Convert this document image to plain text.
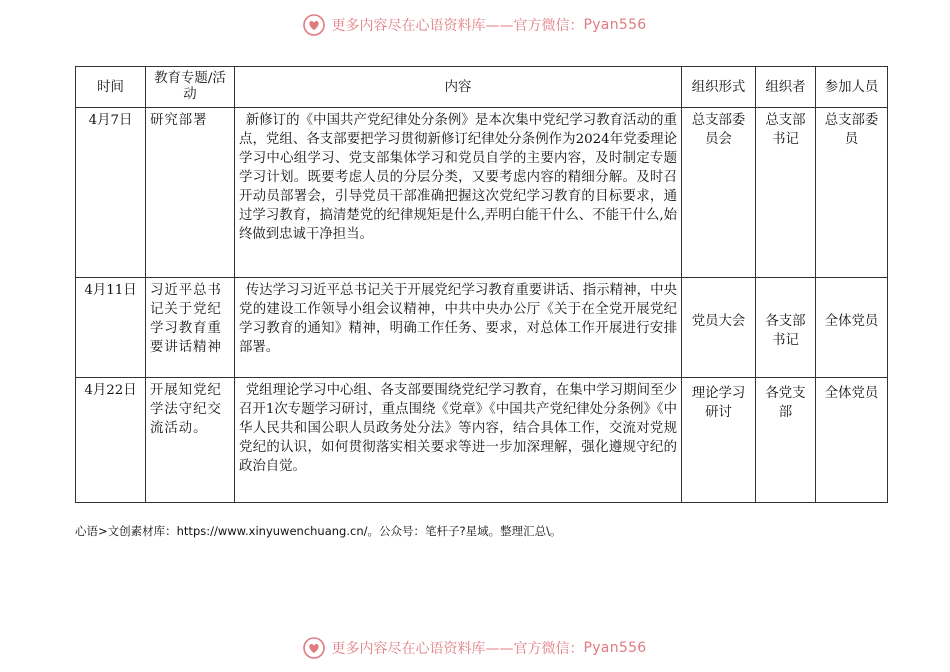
更多内容尽在心语资料库——官方微信： Pyan556
时间	教育专题/活动	内容	组织形式	组织者	参加人员
4月7日	研究部署	新修订的《中国共产党纪律处分条例》是本次集中党纪学习教育活动的重点，党组、各支部要把学习贯彻新修订纪律处分条例作为2024年党委理论学习中心组学习、党支部集体学习和党员自学的主要内容，及时制定专题学习计划。既要考虑人员的分层分类，又要考虑内容的精细分解。及时召开动员部署会，引导党员干部准确把握这次党纪学习教育的目标要求，通过学习教育，搞清楚党的纪律规矩是什么,弄明白能干什么、不能干什么,始终做到忠诚干净担当。	总支部委员会	总支部书记	总支部委员
4月11日	习近平总书记关于党纪学习教育重要讲话精神	传达学习习近平总书记关于开展党纪学习教育重要讲话、指示精神，中央党的建设工作领导小组会议精神，中共中央办公厅《关于在全党开展党纪学习教育的通知》精神，明确工作任务、要求，对总体工作开展进行安排部署。	党员大会	各支部书记	全体党员
4月22日	开展知党纪学法守纪交流活动。	党组理论学习中心组、各支部要围绕党纪学习教育，在集中学习期间至少召开1次专题学习研讨，重点围绕《党章》《中国共产党纪律处分条例》《中华人民共和国公职人员政务处分法》等内容，结合具体工作，交流对党规党纪的认识，如何贯彻落实相关要求等进一步加深理解，强化遵规守纪的政治自觉。	理论学习研讨	各党支部	全体党员
心语>文创素材库：https://www.xinyuwenchuang.cn/。公众号：笔杆子?星域。整理汇总\。
更多内容尽在心语资料库——官方微信： Pyan556
